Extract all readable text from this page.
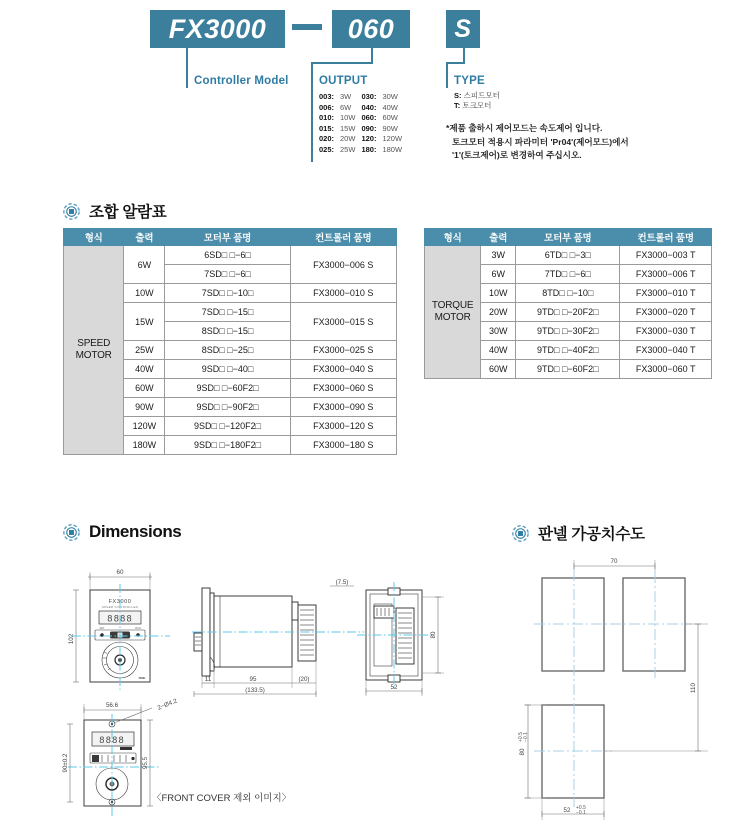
FX3000	060	S
Controller Model	OUTPUT
003:	3W	030:	30W
006:	6W	040:	40W
010:	10W	060:	60W
015:	15W	090:	90W
020:	20W	120:	120W
025:	25W	180:	180W
TYPE
S: 스피드모터
T: 토크모터
*제품 출하시 제어모드는 속도제어 입니다.
토크모터 적용시 파라미터 'Pr04'(제어모드)에서
'1'(토크제어)로 변경하여 주십시오.
조합 알람표
형식	출력	모터부 품명	컨트롤러 품명
SPEED
MOTOR	6W	6SD□ □−6□	FX3000−006 S
		7SD□ □−6□	
	10W	7SD□ □−10□	FX3000−010 S
	15W	7SD□ □−15□	FX3000−015 S
		8SD□ □−15□	
	25W	8SD□ □−25□	FX3000−025 S
	40W	9SD□ □−40□	FX3000−040 S
	60W	9SD□ □−60F2□	FX3000−060 S
	90W	9SD□ □−90F2□	FX3000−090 S
	120W	9SD□ □−120F2□	FX3000−120 S
	180W	9SD□ □−180F2□	FX3000−180 S
형식	출력	모터부 품명	컨트롤러 품명
TORQUE
MOTOR	3W	6TD□ □−3□	FX3000−003 T
	6W	7TD□ □−6□	FX3000−006 T
	10W	8TD□ □−10□	FX3000−010 T
	20W	9TD□ □−20F2□	FX3000−020 T
	30W	9TD□ □−30F2□	FX3000−030 T
	40W	9TD□ □−40F2□	FX3000−040 T
	60W	9TD□ □−60F2□	FX3000−060 T
Dimensions
60
102
FX3000
SPEED CONTROLLER
8888
SET	RUN
FINE
(7.5)
11	95	(20)
(133.5)
80
52
56.6	2−Ø4.2
8888
90±0.2	95.5
〈FRONT COVER 제외 이미지〉
판넬 가공치수도
70
110
80
+0.5 −0.1
52 +0.5
−0.1
